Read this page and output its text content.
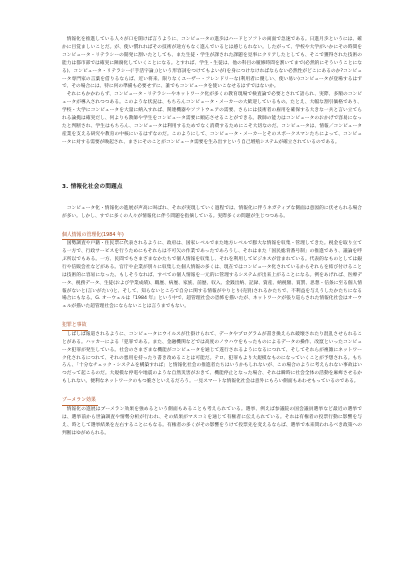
情報化を推進している人々が口を開けば言うように、コンピュータの進歩はハードとソフトの両面で急速である。日進月歩というには、確かに目覚ましいことだ。が、使い慣れればその技術が途方もなく進んでいるとは感じられない。したがって、学校や大学がいかにその時間をコンピュータ・リテラシーの開発に割いたとしても、また生徒・学生が課された課題を見事にクリアしたとしても、そこで獲得された技術の能力は都市部では確実に陳腐化していくことになる。とすれば、学生・生徒は、他の科目の履修時間を割いてまで(必然的にそういうことになる)、コンピュータ・リテラシー(「手活字論」)という形容詞をつけてもよいが)を身につけなければならない必然性がどこにあるのか?コンピュータ専門家の言葉を借りるならば、近い将来、限りなくユーザー・フレンドリーな(利用者に優しい、使い易い)コンピュータが登場するはずで、その場合には、特に何の準備も必要せずに、誰でもコンピュータを使いこなせるはずではないか。

それにもかかわらず、コンピュータ・リテラシーやネットワーク化が多くの教育現場で検査論で必要とされて語られ、実際、多額のコンピュータが導入されつつある。このような状況は、もちろんコンピュータ・メーカーの大歓迎しているもの。たとえ、大幅な割引価格であり、学校・大学にコンピュータを大量に納入すれば、関連機器やソフトウェアの需要、さらには技術者の雇用を確保する大きな一兵と言い立てられる論拠は確実だし、何よりも教師や学生をコンピュータ需要に順応させることができる。教師の能力はコンピュータのおかげで容易になったと判断され、学生はもちろん、コンピュータは利用するためでなく消費するためにこそ大切なのだ。コンピュータは、情報／コンピュータ産業を支える研究や教育の中核にいるはずなのだ。このようにして、コンピュータ・メーカーとそのスポークスマンたちによって、コンピュータに対する需要が喚起され、まさにそのことがコンピュータ需要を生み出すという自己増殖システムが確立されているのである。

3. 情報化社会の問題点

コンピュータ化・情報化の進展が声高に叫ばれ、それが実現していく過程では、情報化に伴うネガティブな側面は意図的に伏せられる場合が多い。しかし、すでに多くの人々が情報化に伴う問題を指摘している。実際多くの問題が生じつつある。

個人情報の管理化(1984 年)

国勢調査や戸籍・住民票に代表されるように、政府は、国家レベルでまた地方レベルで膨大な情報を収集・管理してきた。税金を取り立てる一方で、行政サービスを行うためにもそれらは不可欠の作業であったであろうし、それはまた「国民総背番号制」の推進であり、議論を呼ぶ所以でもある。一方、民間でもさまざまなかたちで個人情報を収集し、それを利用してビジネスが営まれている。代表的なものとしては銀行や信販会社などがある。官庁や企業が別々に収集した個人情報の多くは、現在ではコンピュータ化されているからそれらを結び付けることは技術的に容易になった。もしそうなれば、すべての個人情報を一元的に管理するシステムが出来上がることになる。例をあげれば、医療データ、税務データ、生徒(および学業成績)、職歴、病歴、家族、前歴、収入、金銭出納、記録、資産、納税額、賞罰、思想・信条に至る個人情報がないと(言いがたい)と、そして、知らないところで自分に関する情報がやりとり(売買)されるかたちで、不利益を与えうしたかたちになる場合にもなる。G. オーウェルは『1984 年』という中で、超管理社会の恐怖を描いたが、ネットワークが張り巡らされた情報化社会はオーウェルが描いた超管理社会にならないことは言うまでもない。

犯罪と事故

しばしば報道されるように、コンピュータにウイルスが仕掛けられて、データやプログラムが書き換えられ破壊されたり混乱させられることがある。ハッカーによる「犯罪である。また、金融機関などでは高度のノウハウをもったものによるデータの操作、改竄といったコンピュータ犯罪が発生している。社会のさまざまな機能がコンピュータを通じて遂行されるようになるにつれて、そしてそれらが複雑にネットワーク化されるにつれて、それの悪用を持ったり書き改めることは可能だ。テロ、犯罪もより大規模なものになっていくことが予想される。もちろん、「十分なチェック・システムを構築すれば」と情報化社会の推進者たちはいうかもしれないが、この場合のように考えられない事故はいつだって起こるのだ。大規模な停電や地震のような自然災害がおきて、機能停止となった場合、それは瞬時に社会全体の活動を麻痺させるかもしれない。便利なネットワークのもつ脆さといえるだろう。一見スマートな情報化社会は意外にもろい側面もあわせもっているのである。

ブーメラン効果

情報化の進展はブーメラン効果を強めるという側面もあることも考えられている。選挙、例えば参議院の国会議員選挙など最近の選挙では、選挙前から世論調査や情勢分析が行われ、その結果がマスコミを通じて有権者に伝えられている。それは有権者の投票行動に影響を与え、時として選挙結果を左右することにもなる。有権者の多くがその影響をうけて投票先を変えるならば、選挙で本来問われるべき政策への判断はゆがめられる。
